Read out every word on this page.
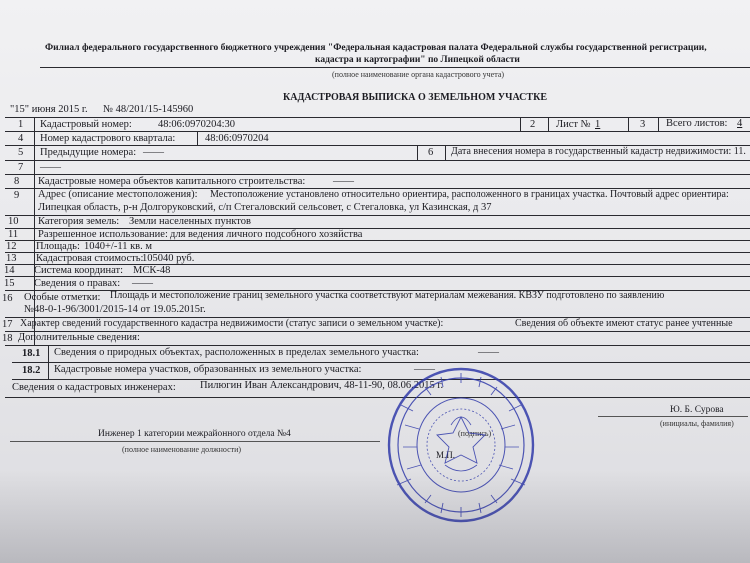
Филиал федерального государственного бюджетного учреждения "Федеральная кадастровая палата Федеральной службы государственной регистрации,
кадастра и картографии" по Липецкой области
(полное наименование органа кадастрового учета)
КАДАСТРОВАЯ ВЫПИСКА О ЗЕМЕЛЬНОМ УЧАСТКЕ
"15" июня 2015 г. № 48/201/15-145960
1 Кадастровый номер: 48:06:0970204:30	2 Лист № 1	3 Всего листов: 4
4 Номер кадастрового квартала:	48:06:0970204
5 Предыдущие номера: ——	6 Дата внесения номера в государственный кадастр недвижимости: 11.
7 ——
8 Кадастровые номера объектов капитального строительства:	——
9 Адрес (описание местоположения): Местоположение установлено относительно ориентира, расположенного в границах участка. Почтовый адрес ориентира:
Липецкая область, р-н Долгоруковский, с/п Стегаловский сельсовет, с Стегаловка, ул Казинская, д 37
10 Категория земель: Земли населенных пунктов
11 Разрешенное использование: для ведения личного подсобного хозяйства
12 Площадь: 1040+/-11 кв. м
13 Кадастровая стоимость:
105040 руб.
14 Система координат: МСК-48
15 Сведения о правах: ——
16 Особые отметки: Площадь и местоположение границ земельного участка соответствуют материалам межевания. КВЗУ подготовлено по заявлению
№48-0-1-96/3001/2015-14 от 19.05.2015г.
17 Характер сведений государственного кадастра недвижимости (статус записи о земельном участке):	Сведения об объекте имеют статус ранее учтенные
18 Дополнительные сведения:
18.1 Сведения о природных объектах, расположенных в пределах земельного участка:	——
18.2 Кадастровые номера участков, образованных из земельного участка:	——
Сведения о кадастровых инженерах: Пилюгин Иван Александрович, 48-11-90, 08.06.2015 г.
Инженер 1 категории межрайонного отдела №4
(полное наименование должности)
(подпись)
М.П.
Ю. Б. Сурова
(инициалы, фамилия)
